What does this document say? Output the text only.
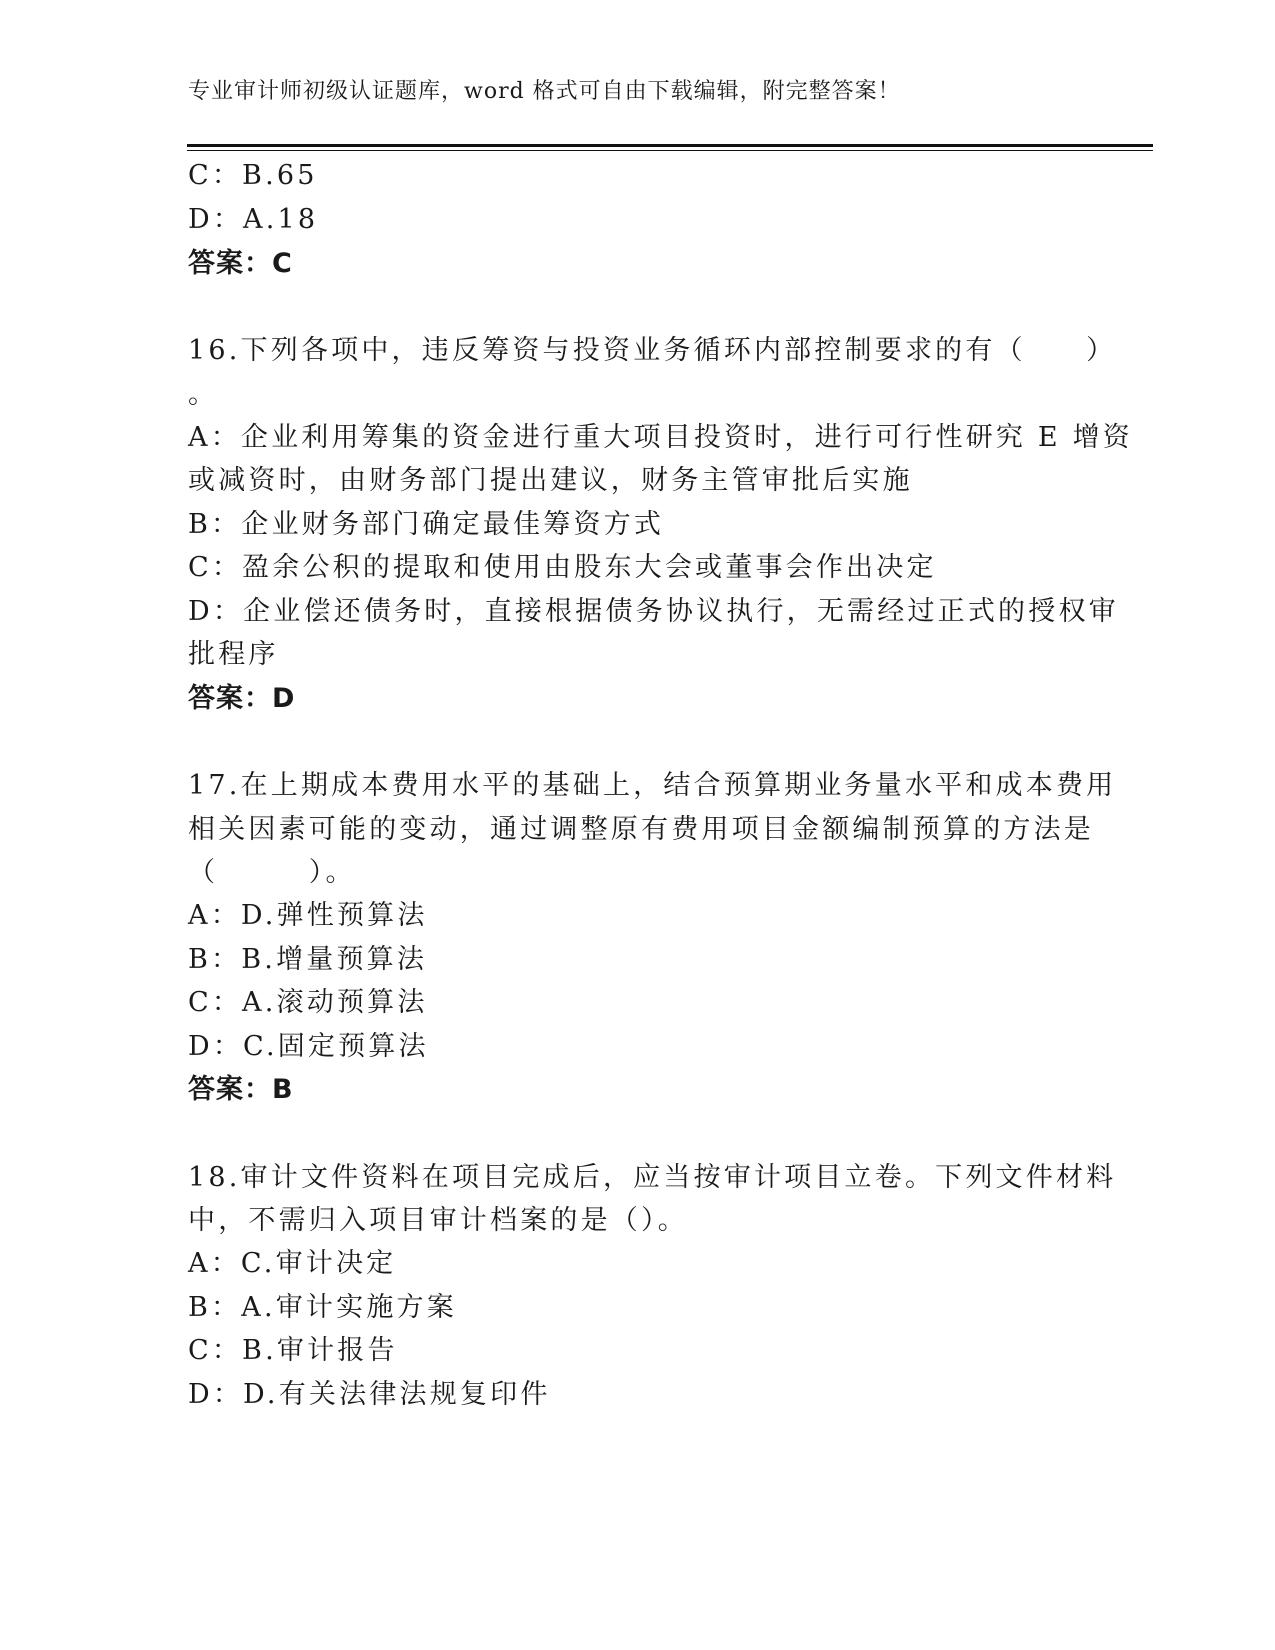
专业审计师初级认证题库，word 格式可自由下载编辑，附完整答案！
C：B.65
D：A.18
答案：C
16.下列各项中，违反筹资与投资业务循环内部控制要求的有（　　）
。
A：企业利用筹集的资金进行重大项目投资时，进行可行性研究 E 增资
或减资时，由财务部门提出建议，财务主管审批后实施
B：企业财务部门确定最佳筹资方式
C：盈余公积的提取和使用由股东大会或董事会作出决定
D：企业偿还债务时，直接根据债务协议执行，无需经过正式的授权审
批程序
答案：D
17.在上期成本费用水平的基础上，结合预算期业务量水平和成本费用
相关因素可能的变动，通过调整原有费用项目金额编制预算的方法是
（　　　）。
A：D.弹性预算法
B：B.增量预算法
C：A.滚动预算法
D：C.固定预算法
答案：B
18.审计文件资料在项目完成后，应当按审计项目立卷。下列文件材料
中，不需归入项目审计档案的是（）。
A：C.审计决定
B：A.审计实施方案
C：B.审计报告
D：D.有关法律法规复印件
